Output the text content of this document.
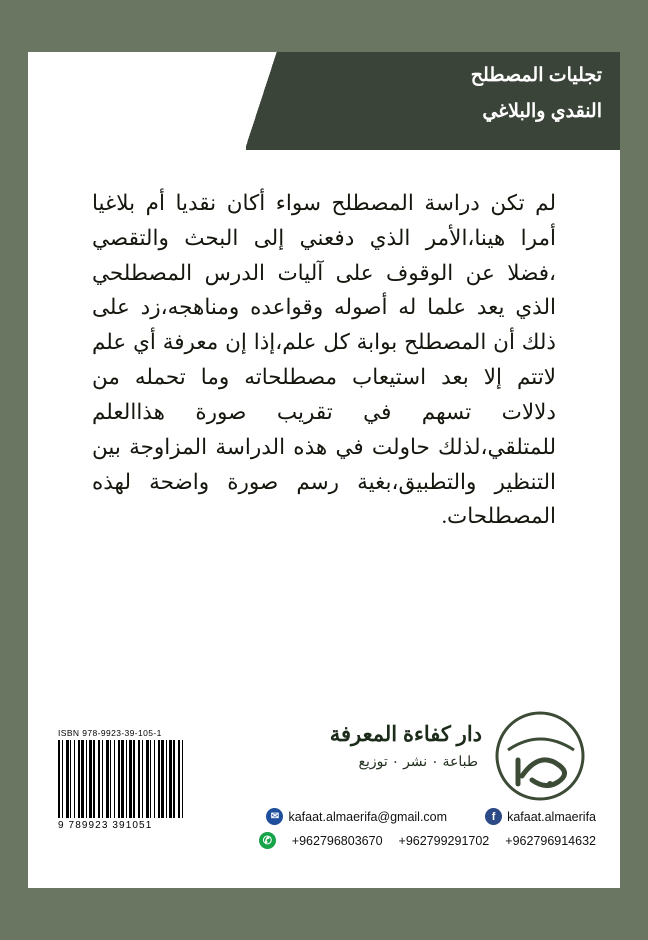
تجليات المصطلح
النقدي والبلاغي
لم تكن دراسة المصطلح سواء أكان نقديا أم بلاغيا أمرا هينا،الأمر الذي دفعني إلى البحث والتقصي ،فضلا عن الوقوف على آليات الدرس المصطلحي الذي يعد علما له أصوله وقواعده ومناهجه،زد على ذلك أن المصطلح بوابة كل علم،إذا إن معرفة أي علم لاتتم إلا بعد استيعاب مصطلحاته وما تحمله من دلالات تسهم في تقريب صورة هذاالعلم للمتلقي،لذلك حاولت في هذه الدراسة المزاوجة بين التنظير والتطبيق،بغية رسم صورة واضحة لهذه المصطلحات.
ISBN 978-9923-39-105-1
9 789923 391051
دار كفاءة المعرفة
طباعة ٠ نشر ٠ توزيع
✉ kafaat.almaerifa@gmail.com	f kafaat.almaerifa
✆	+962796803670 +962799291702 +962796914632
